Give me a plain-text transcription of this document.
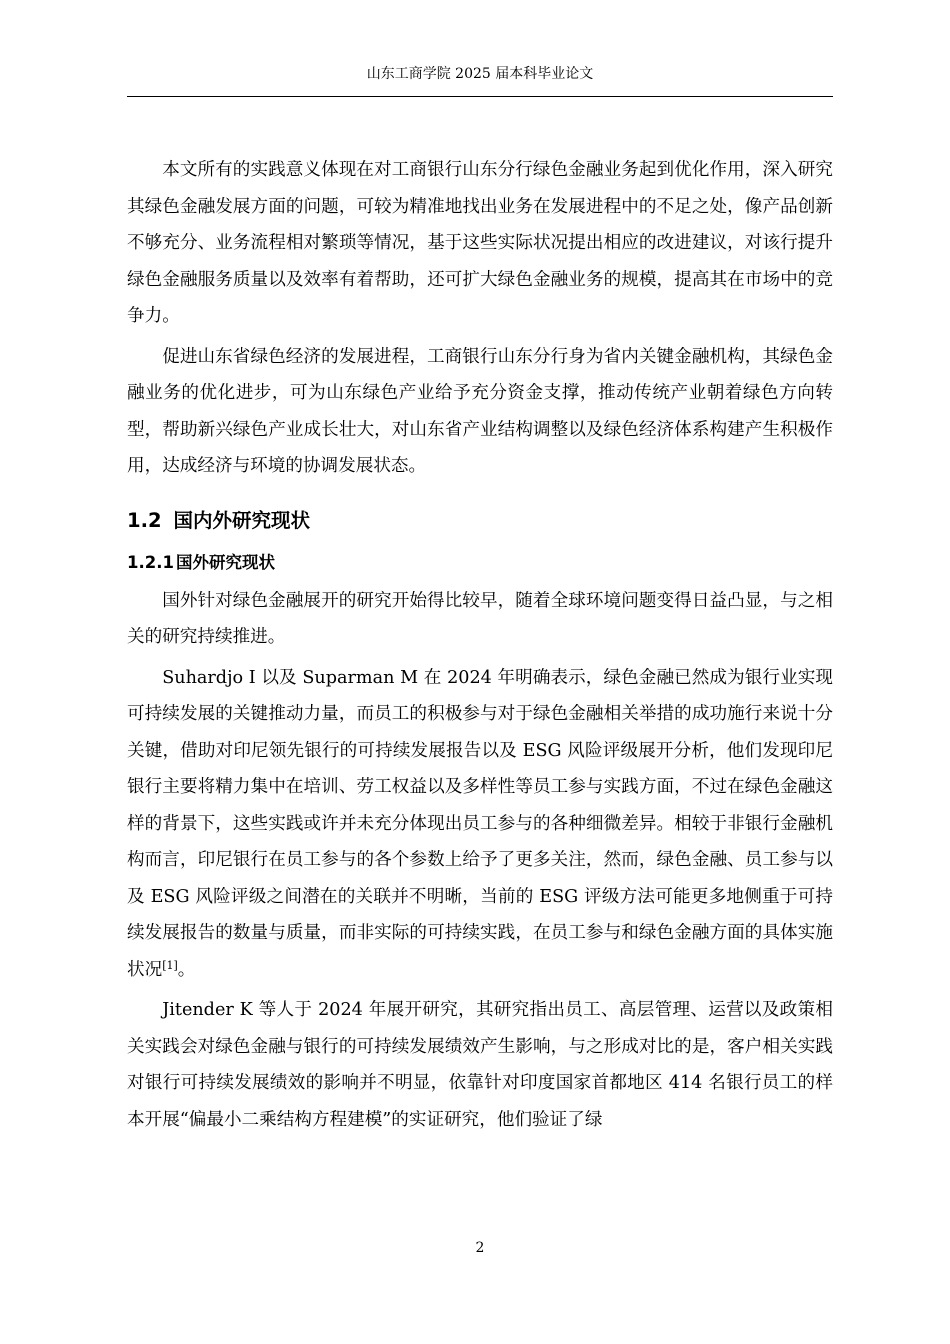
山东工商学院 2025 届本科毕业论文

本文所有的实践意义体现在对工商银行山东分行绿色金融业务起到优化作用，深入研究其绿色金融发展方面的问题，可较为精准地找出业务在发展进程中的不足之处，像产品创新不够充分、业务流程相对繁琐等情况，基于这些实际状况提出相应的改进建议，对该行提升绿色金融服务质量以及效率有着帮助，还可扩大绿色金融业务的规模，提高其在市场中的竞争力。

促进山东省绿色经济的发展进程，工商银行山东分行身为省内关键金融机构，其绿色金融业务的优化进步，可为山东绿色产业给予充分资金支撑，推动传统产业朝着绿色方向转型，帮助新兴绿色产业成长壮大，对山东省产业结构调整以及绿色经济体系构建产生积极作用，达成经济与环境的协调发展状态。

1.2 国内外研究现状
1.2.1 国外研究现状

国外针对绿色金融展开的研究开始得比较早，随着全球环境问题变得日益凸显，与之相关的研究持续推进。

Suhardjo I 以及 Suparman M 在 2024 年明确表示，绿色金融已然成为银行业实现可持续发展的关键推动力量，而员工的积极参与对于绿色金融相关举措的成功施行来说十分关键，借助对印尼领先银行的可持续发展报告以及 ESG 风险评级展开分析，他们发现印尼银行主要将精力集中在培训、劳工权益以及多样性等员工参与实践方面，不过在绿色金融这样的背景下，这些实践或许并未充分体现出员工参与的各种细微差异。相较于非银行金融机构而言，印尼银行在员工参与的各个参数上给予了更多关注，然而，绿色金融、员工参与以及 ESG 风险评级之间潜在的关联并不明晰，当前的 ESG 评级方法可能更多地侧重于可持续发展报告的数量与质量，而非实际的可持续实践，在员工参与和绿色金融方面的具体实施状况[1]。

Jitender K 等人于 2024 年展开研究，其研究指出员工、高层管理、运营以及政策相关实践会对绿色金融与银行的可持续发展绩效产生影响，与之形成对比的是，客户相关实践对银行可持续发展绩效的影响并不明显，依靠针对印度国家首都地区 414 名银行员工的样本开展“偏最小二乘结构方程建模”的实证研究，他们验证了绿

2
